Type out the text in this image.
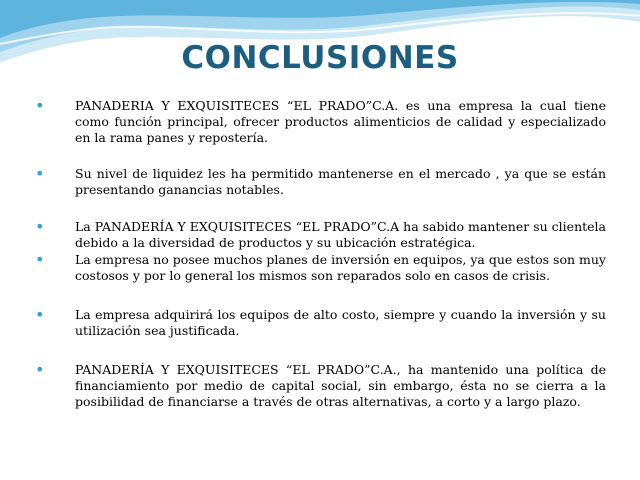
CONCLUSIONES
• PANADERIA Y EXQUISITECES “EL PRADO”C.A. es una empresa la cual tiene como función principal, ofrecer productos alimenticios de calidad y especializado en la rama panes y repostería.
• Su nivel de liquidez les ha permitido mantenerse en el mercado , ya que se están presentando ganancias notables.
• La PANADERÍA Y EXQUISITECES “EL PRADO”C.A ha sabido mantener su clientela debido a la diversidad de productos y su ubicación estratégica.
• La empresa no posee muchos planes de inversión en equipos, ya que estos son muy costosos y por lo general los mismos son reparados solo en casos de crisis.
• La empresa adquirirá los equipos de alto costo, siempre y cuando la inversión y su utilización sea justificada.
• PANADERÍA Y EXQUISITECES “EL PRADO”C.A., ha mantenido una política de financiamiento por medio de capital social, sin embargo, ésta no se cierra a la posibilidad de financiarse a través de otras alternativas, a corto y a largo plazo.
